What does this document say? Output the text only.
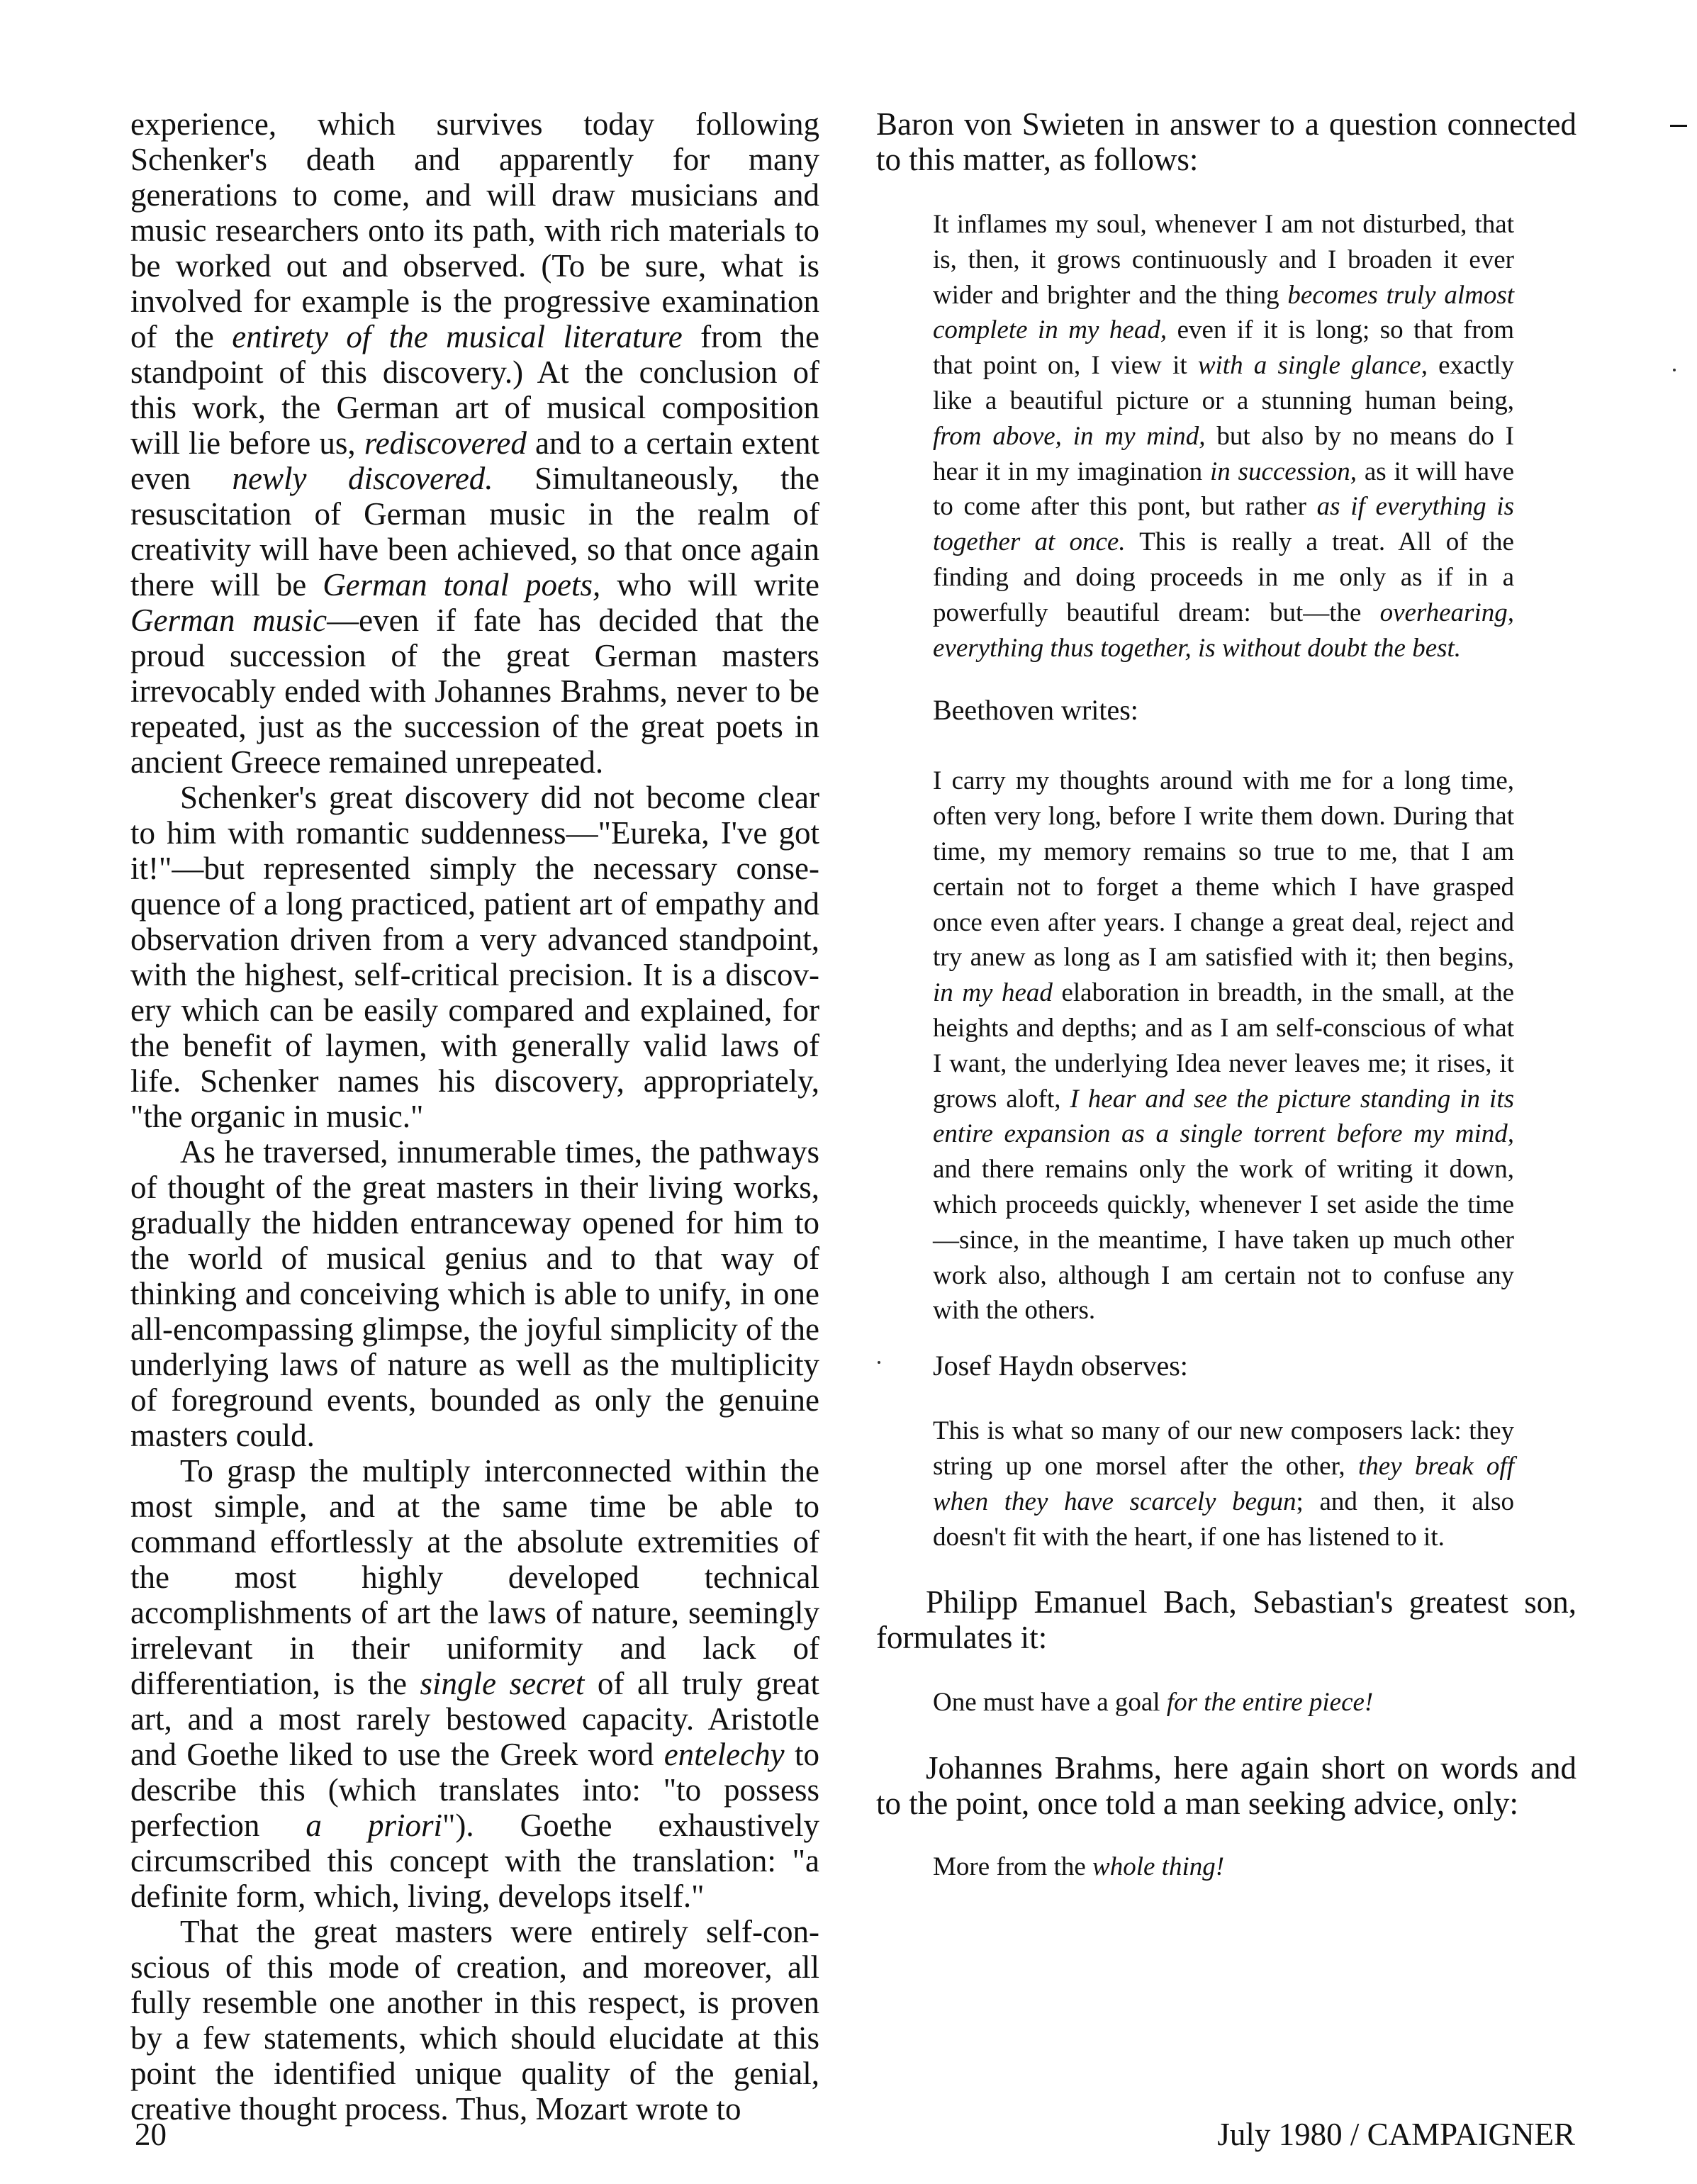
experience, which survives today following Schenker's death and apparently for many generations to come, and will draw musicians and music researchers onto its path, with rich materials to be worked out and observed. (To be sure, what is involved for example is the progressive examination of the entirety of the musical literature from the standpoint of this discovery.) At the conclusion of this work, the German art of musical composition will lie before us, rediscovered and to a certain extent even newly discovered. Simultaneously, the resuscitation of German music in the realm of creativity will have been achieved, so that once again there will be German tonal poets, who will write German music—even if fate has decided that the proud succession of the great German masters irrevocably ended with Johannes Brahms, never to be repeated, just as the succession of the great poets in ancient Greece remained unrepeated.

Schenker's great discovery did not become clear to him with romantic suddenness—"Eureka, I've got it!"—but represented simply the necessary consequence of a long practiced, patient art of empathy and observation driven from a very advanced standpoint, with the highest, self-critical precision. It is a discovery which can be easily compared and explained, for the benefit of laymen, with generally valid laws of life. Schenker names his discovery, appropriately, "the organic in music."

As he traversed, innumerable times, the pathways of thought of the great masters in their living works, gradually the hidden entranceway opened for him to the world of musical genius and to that way of thinking and conceiving which is able to unify, in one all-encompassing glimpse, the joyful simplicity of the underlying laws of nature as well as the multiplicity of foreground events, bounded as only the genuine masters could.

To grasp the multiply interconnected within the most simple, and at the same time be able to command effortlessly at the absolute extremities of the most highly developed technical accomplishments of art the laws of nature, seemingly irrelevant in their uniformity and lack of differentiation, is the single secret of all truly great art, and a most rarely bestowed capacity. Aristotle and Goethe liked to use the Greek word entelechy to describe this (which translates into: "to possess perfection a priori"). Goethe exhaustively circumscribed this concept with the translation: "a definite form, which, living, develops itself."

That the great masters were entirely self-conscious of this mode of creation, and moreover, all fully resemble one another in this respect, is proven by a few statements, which should elucidate at this point the identified unique quality of the genial, creative thought process. Thus, Mozart wrote to

Baron von Swieten in answer to a question connected to this matter, as follows:

It inflames my soul, whenever I am not disturbed, that is, then, it grows continuously and I broaden it ever wider and brighter and the thing becomes truly almost complete in my head, even if it is long; so that from that point on, I view it with a single glance, exactly like a beautiful picture or a stunning human being, from above, in my mind, but also by no means do I hear it in my imagination in succession, as it will have to come after this pont, but rather as if everything is together at once. This is really a treat. All of the finding and doing proceeds in me only as if in a powerfully beautiful dream: but—the overhearing, everything thus together, is without doubt the best.

Beethoven writes:

I carry my thoughts around with me for a long time, often very long, before I write them down. During that time, my memory remains so true to me, that I am certain not to forget a theme which I have grasped once even after years. I change a great deal, reject and try anew as long as I am satisfied with it; then begins, in my head elaboration in breadth, in the small, at the heights and depths; and as I am self-conscious of what I want, the underlying Idea never leaves me; it rises, it grows aloft, I hear and see the picture standing in its entire expansion as a single torrent before my mind, and there remains only the work of writing it down, which proceeds quickly, whenever I set aside the time—since, in the meantime, I have taken up much other work also, although I am certain not to confuse any with the others.

Josef Haydn observes:

This is what so many of our new composers lack: they string up one morsel after the other, they break off when they have scarcely begun; and then, it also doesn't fit with the heart, if one has listened to it.

Philipp Emanuel Bach, Sebastian's greatest son, formulates it:

One must have a goal for the entire piece!

Johannes Brahms, here again short on words and to the point, once told a man seeking advice, only:

More from the whole thing!

20	July 1980 / CAMPAIGNER
